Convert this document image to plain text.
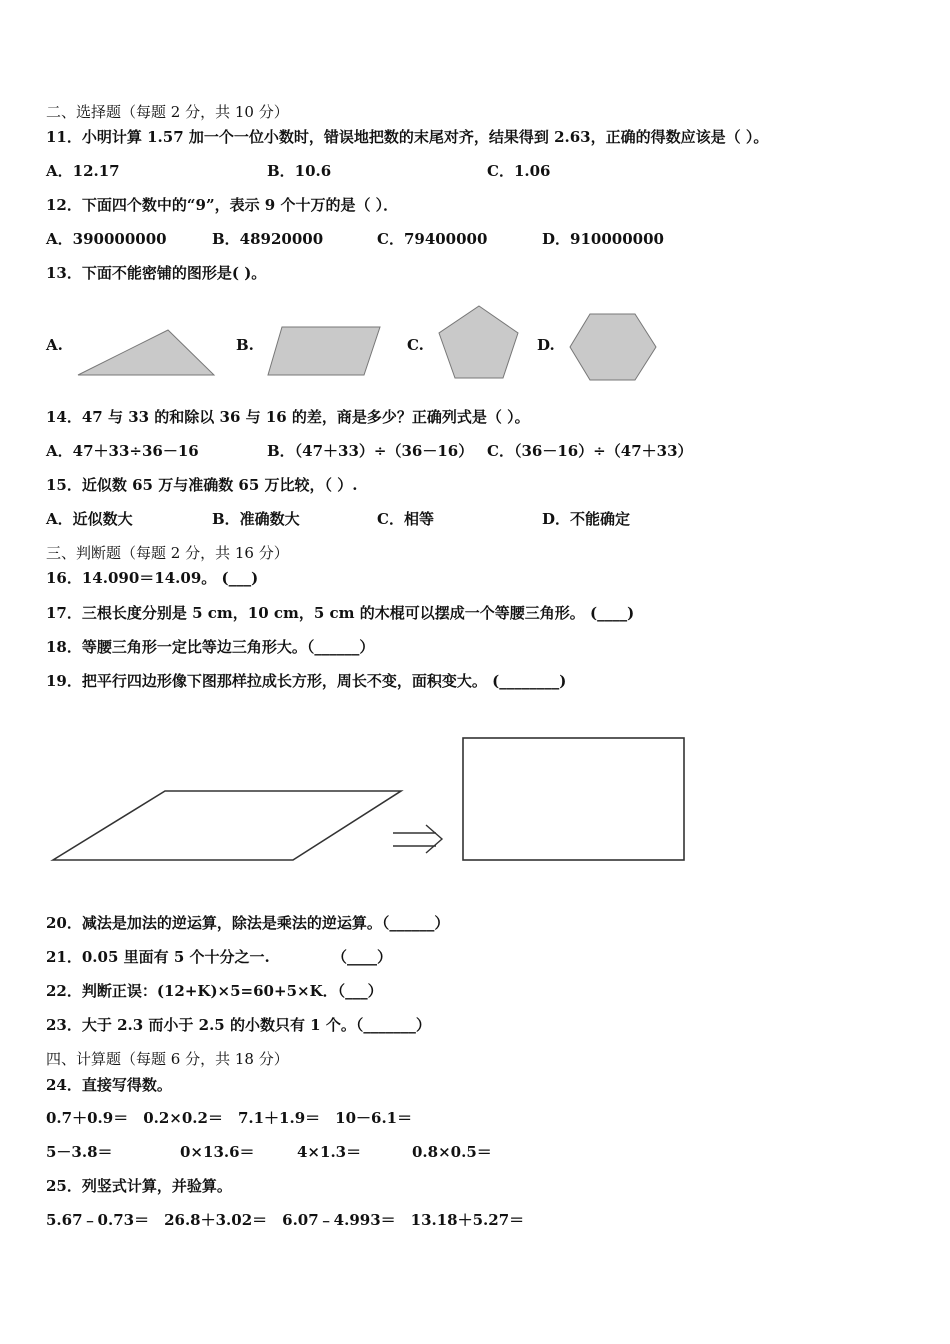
二、选择题（每题 2 分，共 10 分）
11．小明计算 1.57 加一个一位小数时，错误地把数的末尾对齐，结果得到 2.63，正确的得数应该是（ ）。
A．12.17	B．10.6	C．1.06
12．下面四个数中的“9”，表示 9 个十万的是（ ）．
A．390000000	B．48920000	C．79400000	D．910000000
13．下面不能密铺的图形是( )。
A.	B.	C.	D.
14．47 与 33 的和除以 36 与 16 的差，商是多少？正确列式是（ ）。
A．47＋33÷36－16	B．（47＋33）÷（36－16） C．（36－16）÷（47＋33）
15．近似数 65 万与准确数 65 万比较，（ ）.
A．近似数大	B．准确数大	C．相等	D．不能确定
三、判断题（每题 2 分，共 16 分）
16．14.090＝14.09。 (___)
17．三根长度分别是 5 cm，10 cm，5 cm 的木棍可以摆成一个等腰三角形。 (____)
18．等腰三角形一定比等边三角形大。（______）
19．把平行四边形像下图那样拉成长方形，周长不变，面积变大。 (________)
20．减法是加法的逆运算，除法是乘法的逆运算。（______）
21．0.05 里面有 5 个十分之一.	（____）
22．判断正误：(12+K)×5=60+5×K．（___）
23．大于 2.3 而小于 2.5 的小数只有 1 个。（_______）
四、计算题（每题 6 分，共 18 分）
24．直接写得数。
0.7＋0.9＝　0.2×0.2＝　7.1＋1.9＝　10－6.1＝
5－3.8＝	0×13.6＝	4×1.3＝	0.8×0.5＝
25．列竖式计算，并验算。
5.67﹣0.73＝　26.8＋3.02＝　6.07﹣4.993＝　13.18＋5.27＝
